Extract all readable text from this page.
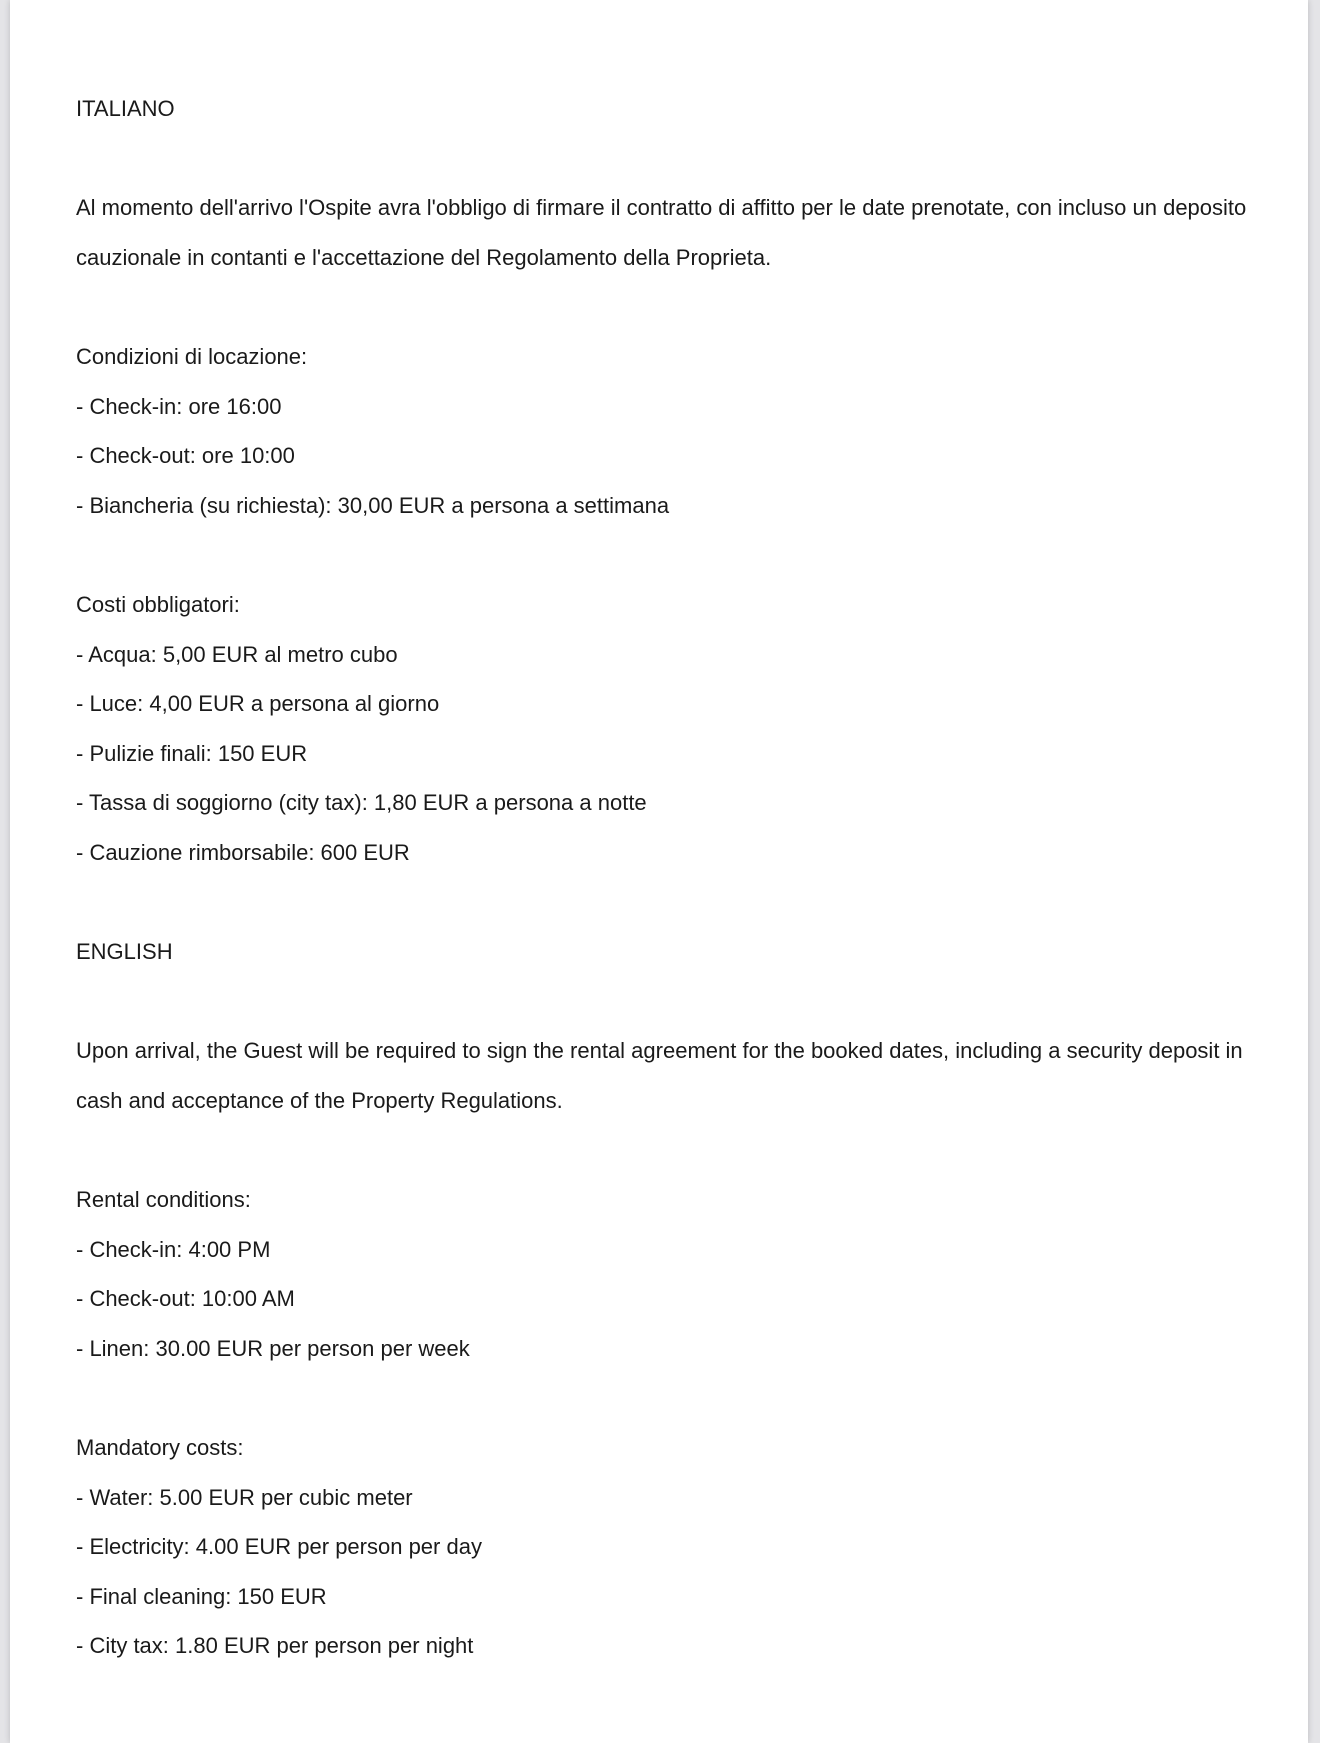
ITALIANO
Al momento dell'arrivo l'Ospite avra l'obbligo di firmare il contratto di affitto per le date prenotate, con incluso un deposito
cauzionale in contanti e l'accettazione del Regolamento della Proprieta.
Condizioni di locazione:
- Check-in: ore 16:00
- Check-out: ore 10:00
- Biancheria (su richiesta): 30,00 EUR a persona a settimana
Costi obbligatori:
- Acqua: 5,00 EUR al metro cubo
- Luce: 4,00 EUR a persona al giorno
- Pulizie finali: 150 EUR
- Tassa di soggiorno (city tax): 1,80 EUR a persona a notte
- Cauzione rimborsabile: 600 EUR
ENGLISH
Upon arrival, the Guest will be required to sign the rental agreement for the booked dates, including a security deposit in
cash and acceptance of the Property Regulations.
Rental conditions:
- Check-in: 4:00 PM
- Check-out: 10:00 AM
- Linen: 30.00 EUR per person per week
Mandatory costs:
- Water: 5.00 EUR per cubic meter
- Electricity: 4.00 EUR per person per day
- Final cleaning: 150 EUR
- City tax: 1.80 EUR per person per night
